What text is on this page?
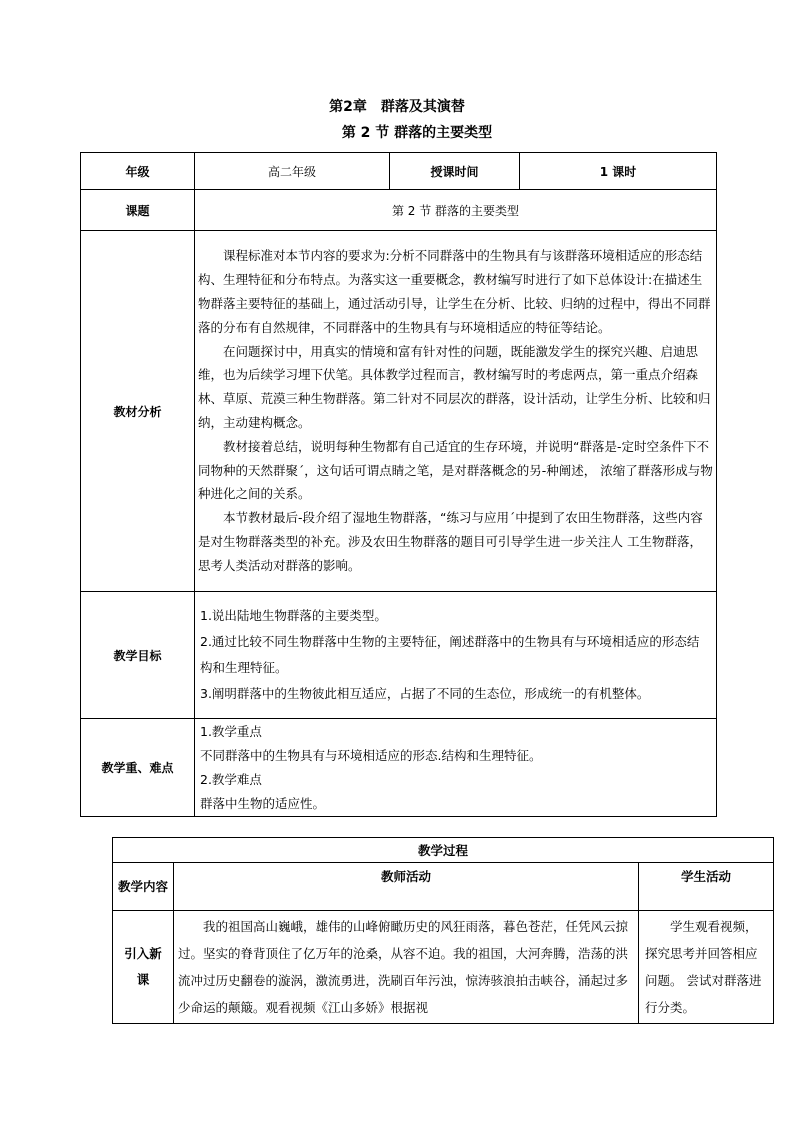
第2章　群落及其演替
第 2 节 群落的主要类型
年级	高二年级	授课时间	1 课时
课题	第 2 节 群落的主要类型		
教材分析	课程标准对本节内容的要求为:分析不同群落中的生物具有与该群落环境相适应的形态结构、生理特征和分布特点。为落实这一重要概念，教材编写时进行了如下总体设计:在描述生物群落主要特征的基础上，通过活动引导，让学生在分析、比较、归纳的过程中，得出不同群落的分布有自然规律，不同群落中的生物具有与环境相适应的特征等结论。

在问题探讨中，用真实的情境和富有针对性的问题，既能激发学生的探究兴趣、启迪思维，也为后续学习埋下伏笔。具体教学过程而言，教材编写时的考虑两点，第一重点介绍森林、草原、荒漠三种生物群落。第二针对不同层次的群落，设计活动，让学生分析、比较和归纳，主动建构概念。

教材接着总结，说明每种生物都有自己适宜的生存环境，并说明“群落是-定时空条件下不同物种的天然群聚ˊ，这句话可谓点睛之笔，是对群落概念的另-种阐述， 浓缩了群落形成与物种进化之间的关系。

本节教材最后-段介绍了湿地生物群落，“练习与应用ˊ中提到了农田生物群落，这些内容是对生物群落类型的补充。涉及农田生物群落的题目可引导学生进一步关注人 工生物群落，思考人类活动对群落的影响。		

教学目标	1.说出陆地生物群落的主要类型。

2.通过比较不同生物群落中生物的主要特征，阐述群落中的生物具有与环境相适应的形态结构和生理特征。

3.阐明群落中的生物彼此相互适应，占据了不同的生态位，形成统一的有机整体。		

教学重、难点	1.教学重点

不同群落中的生物具有与环境相适应的形态.结构和生理特征。

2.教学难点

群落中生物的适应性。		

教学过程		
教学内容	教师活动	学生活动
引入新课	我的祖国高山巍峨，雄伟的山峰俯瞰历史的风狂雨落，暮色苍茫，任凭风云掠过。坚实的脊背顶住了亿万年的沧桑，从容不迫。我的祖国，大河奔腾，浩荡的洪流冲过历史翻卷的漩涡，激流勇进，洗刷百年污浊，惊涛骇浪拍击峡谷，涌起过多少命运的颠簸。观看视频《江山多娇》根据视	学生观看视频，探究思考并回答相应问题。 尝试对群落进行分类。
